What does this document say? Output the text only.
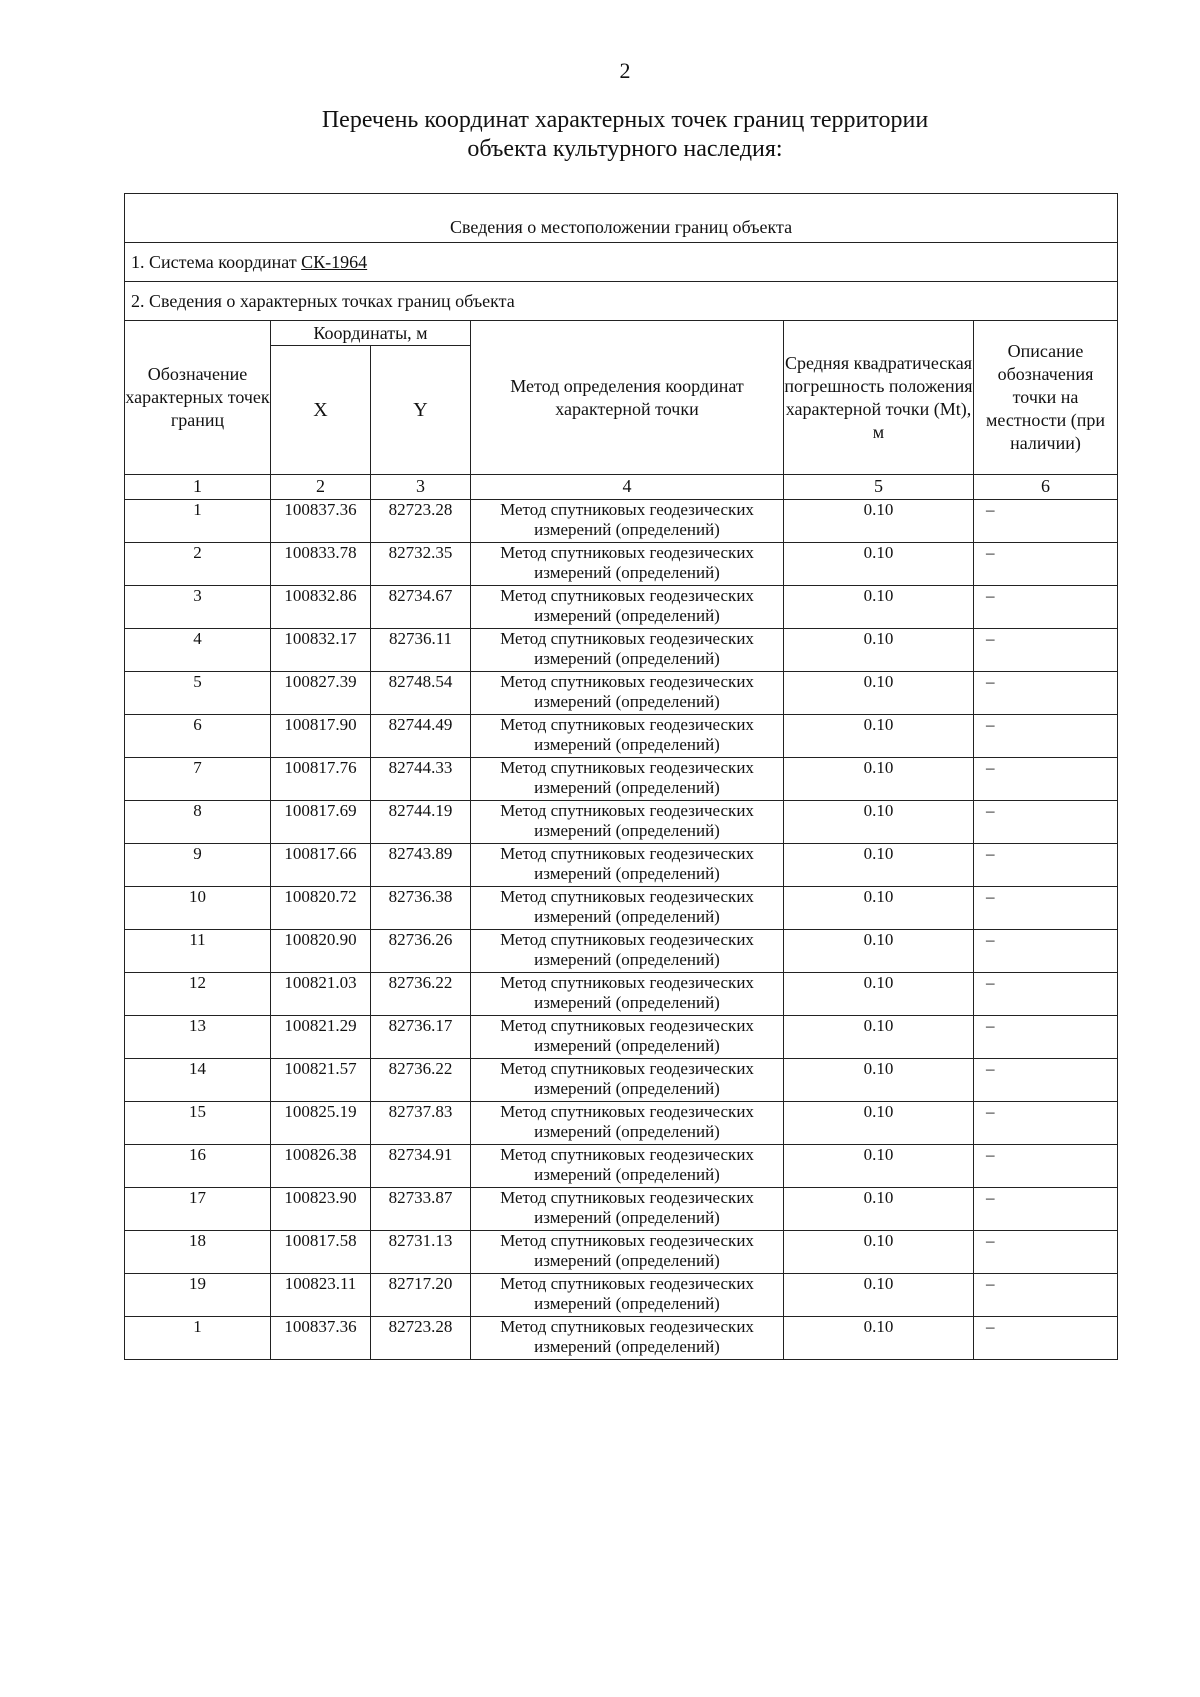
2
Перечень координат характерных точек границ территории
объекта культурного наследия:
Сведения о местоположении границ объекта					
1. Система координат СК-1964					
2. Сведения о характерных точках границ объекта					
Обозначение характерных точек границ	Координаты, м		Метод определения координат характерной точки	Средняя квадратическая погрешность положения характерной точки (Mt), м	Описание обозначения точки на местности (при наличии)
	X	Y			
1	2	3	4	5	6
1	100837.36	82723.28	Метод спутниковых геодезических измерений (определений)	0.10	–
2	100833.78	82732.35	Метод спутниковых геодезических измерений (определений)	0.10	–
3	100832.86	82734.67	Метод спутниковых геодезических измерений (определений)	0.10	–
4	100832.17	82736.11	Метод спутниковых геодезических измерений (определений)	0.10	–
5	100827.39	82748.54	Метод спутниковых геодезических измерений (определений)	0.10	–
6	100817.90	82744.49	Метод спутниковых геодезических измерений (определений)	0.10	–
7	100817.76	82744.33	Метод спутниковых геодезических измерений (определений)	0.10	–
8	100817.69	82744.19	Метод спутниковых геодезических измерений (определений)	0.10	–
9	100817.66	82743.89	Метод спутниковых геодезических измерений (определений)	0.10	–
10	100820.72	82736.38	Метод спутниковых геодезических измерений (определений)	0.10	–
11	100820.90	82736.26	Метод спутниковых геодезических измерений (определений)	0.10	–
12	100821.03	82736.22	Метод спутниковых геодезических измерений (определений)	0.10	–
13	100821.29	82736.17	Метод спутниковых геодезических измерений (определений)	0.10	–
14	100821.57	82736.22	Метод спутниковых геодезических измерений (определений)	0.10	–
15	100825.19	82737.83	Метод спутниковых геодезических измерений (определений)	0.10	–
16	100826.38	82734.91	Метод спутниковых геодезических измерений (определений)	0.10	–
17	100823.90	82733.87	Метод спутниковых геодезических измерений (определений)	0.10	–
18	100817.58	82731.13	Метод спутниковых геодезических измерений (определений)	0.10	–
19	100823.11	82717.20	Метод спутниковых геодезических измерений (определений)	0.10	–
1	100837.36	82723.28	Метод спутниковых геодезических измерений (определений)	0.10	–
